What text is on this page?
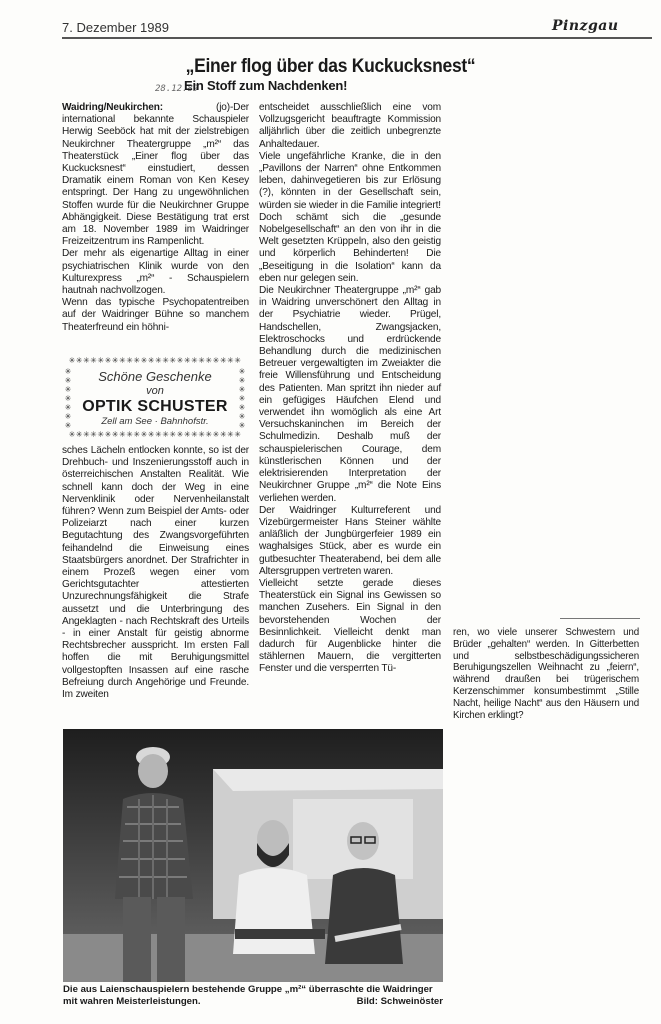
7. Dezember 1989	Pinzgau
„Einer flog über das Kuckucksnest“
28.12.89
Ein Stoff zum Nachdenken!

Waidring/Neukirchen:	(jo)-Der international bekannte Schauspieler Herwig Seeböck hat mit der zielstrebigen Neukirchner Theatergruppe „m²“ das Theaterstück „Einer flog über das Kuckucksnest“ einstudiert, dessen Dramatik einem Roman von Ken Kesey entspringt. Der Hang zu ungewöhnlichen Stoffen wurde für die Neukirchner Gruppe Abhängigkeit. Diese Bestätigung trat erst am 18. November 1989 im Waidringer Freizeitzentrum ins Rampenlicht.

Der mehr als eigenartige Alltag in einer psychiatrischen Klinik wurde von den Kulturexpress „m²“ - Schauspielern hautnah nachvollzogen.

Wenn das typische Psychopatentreiben auf der Waidringer Bühne so manchem Theaterfreund ein höhni-

✳✳✳✳✳✳✳✳✳✳✳✳✳✳✳✳✳✳✳✳✳✳✳✳
✳
✳
✳
✳
✳
✳
✳
✳
✳
✳
✳
✳
✳
✳
Schöne Geschenke
von
OPTIK SCHUSTER
Zell am See · Bahnhofstr.
✳✳✳✳✳✳✳✳✳✳✳✳✳✳✳✳✳✳✳✳✳✳✳✳

sches Lächeln entlocken konnte, so ist der Drehbuch- und Inszenierungsstoff auch in österreichischen Anstalten Realität. Wie schnell kann doch der Weg in eine Nervenklinik oder Nervenheilanstalt führen? Wenn zum Beispiel der Amts- oder Polizeiarzt nach einer kurzen Begutachtung des Zwangsvorgeführten feihandelnd die Einweisung eines Staatsbürgers anordnet. Der Strafrichter in einem Prozeß wegen einer vom Gerichtsgutachter attestierten Unzurechnungsfähigkeit die Strafe aussetzt und die Unterbringung des Angeklagten - nach Rechtskraft des Urteils - in einer Anstalt für geistig abnorme Rechtsbrecher ausspricht. Im ersten Fall hoffen die mit Beruhigungsmittel vollgestopften Insassen auf eine rasche Befreiung durch Angehörige und Freunde. Im zweiten

entscheidet ausschließlich eine vom Vollzugsgericht beauftragte Kommission alljährlich über die zeitlich unbegrenzte Anhaltedauer.

Viele ungefährliche Kranke, die in den „Pavillons der Narren“ ohne Entkommen leben, dahinvegetieren bis zur Erlösung (?), könnten in der Gesellschaft sein, würden sie wieder in die Familie integriert!

Doch schämt sich die „gesunde Nobelgesellschaft“ an den von ihr in die Welt gesetzten Krüppeln, also den geistig und körperlich Behinderten! Die „Beseitigung in die Isolation“ kann da eben nur gelegen sein.

Die Neukirchner Theatergruppe „m²“ gab in Waidring unverschönert den Alltag in der Psychiatrie wieder. Prügel, Handschellen, Zwangsjacken, Elektroschocks und erdrückende Behandlung durch die medizinischen Betreuer vergewaltigten im Zweiakter die freie Willensführung und Entscheidung des Patienten. Man spritzt ihn nieder auf ein gefügiges Häufchen Elend und verwendet ihn womöglich als eine Art Versuchskaninchen im Bereich der Schulmedizin. Deshalb muß der schauspielerischen Courage, dem künstlerischen Können und der elektrisierenden Interpretation der Neukirchner Gruppe „m²“ die Note Eins verliehen werden.

Der Waidringer Kulturreferent und Vizebürgermeister Hans Steiner wählte anläßlich der Jungbürgerfeier 1989 ein waghalsiges Stück, aber es wurde ein gutbesuchter Theaterabend, bei dem alle Altersgruppen vertreten waren.

Vielleicht setzte gerade dieses Theaterstück ein Signal ins Gewissen so manchen Zusehers. Ein Signal in den bevorstehenden Wochen der Besinnlichkeit. Vielleicht denkt man dadurch für Augenblicke hinter die stählernen Mauern, die vergitterten Fenster und die versperrten Tü-

ren, wo viele unserer Schwestern und Brüder „gehalten“ werden. In Gitterbetten und selbstbeschädigungssicheren Beruhigungszellen Weihnacht zu „feiern“, während draußen bei trügerischem Kerzenschimmer konsumbestimmt „Stille Nacht, heilige Nacht“ aus den Häusern und Kirchen erklingt?

Die aus Laienschauspielern bestehende Gruppe „m²“ überraschte die Waidringer mit wahren Meisterleistungen.	Bild: Schweinöster
